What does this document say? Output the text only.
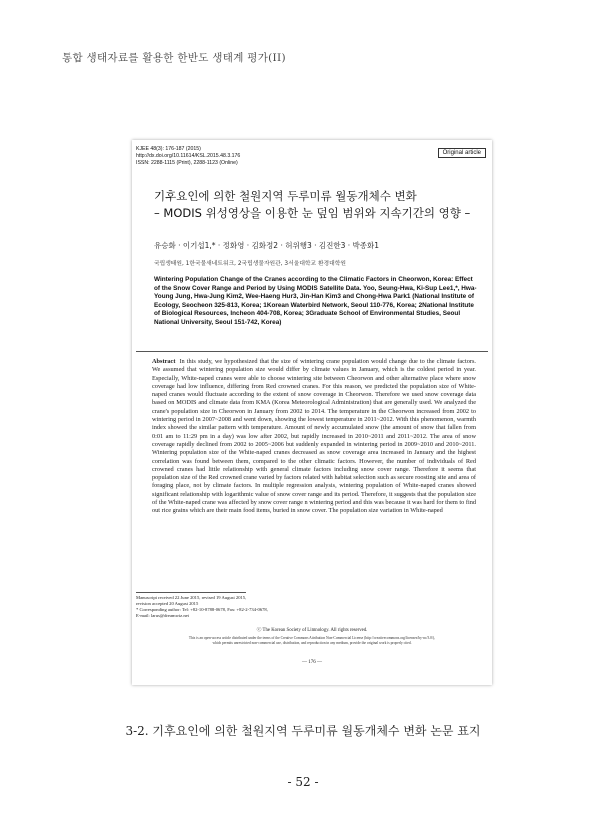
통합 생태자료를 활용한 한반도 생태계 평가(II)
KJEE 48(3): 176-187 (2015)
http://dx.doi.org/10.11614/KSL.2015.48.3.176
ISSN: 2288-1115 (Print), 2288-1123 (Online)
Original article
기후요인에 의한 철원지역 두루미류 월동개체수 변화
– MODIS 위성영상을 이용한 눈 덮임 범위와 지속기간의 영향 –
유승화 · 이기섭1,* · 정화영 · 김화정2 · 허위행3 · 김진한3 · 박종화1
국립생태원, 1한국물새네트워크, 2국립생물자원관, 3서울대학교 환경대학원
Wintering Population Change of the Cranes according to the Climatic Factors in Cheorwon, Korea: Effect of the Snow Cover Range and Period by Using MODIS Satellite Data. Yoo, Seung-Hwa, Ki-Sup Lee1,*, Hwa-Young Jung, Hwa-Jung Kim2, Wee-Haeng Hur3, Jin-Han Kim3 and Chong-Hwa Park1 (National Institute of Ecology, Seocheon 325-813, Korea; 1Korean Waterbird Network, Seoul 110-776, Korea; 2National Institute of Biological Resources, Incheon 404-708, Korea; 3Graduate School of Environmental Studies, Seoul National University, Seoul 151-742, Korea)

Abstract In this study, we hypothesized that the size of wintering crane population would change due to the climate factors. We assumed that wintering population size would differ by climate values in January, which is the coldest period in year. Especially, White-naped cranes were able to choose wintering site between Cheorwon and other alternative place where snow coverage had low influence, differing from Red crowned cranes. For this reason, we predicted the population size of White-naped cranes would fluctuate according to the extent of snow coverage in Cheorwon. Therefore we used snow coverage data based on MODIS and climate data from KMA (Korea Meteorological Administration) that are generally used. We analyzed the crane's population size in Cheorwon in January from 2002 to 2014. The temperature in the Cheorwon increased from 2002 to wintering period in 2007~2008 and went down, showing the lowest temperature in 2011~2012. With this phenomenon, warmth index showed the similar pattern with temperature. Amount of newly accumulated snow (the amount of snow that fallen from 0:01 am to 11:29 pm in a day) was low after 2002, but rapidly increased in 2010~2011 and 2011~2012. The area of snow coverage rapidly declined from 2002 to 2005~2006 but suddenly expanded in wintering period in 2009~2010 and 2010~2011. Wintering population size of the White-naped cranes decreased as snow coverage area increased in January and the highest correlation was found between them, compared to the other climatic factors. However, the number of individuals of Red crowned cranes had little relationship with general climate factors including snow cover range. Therefore it seems that population size of the Red crowned crane varied by factors related with habitat selection such as secure roosting site and area of foraging place, not by climate factors. In multiple regression analysis, wintering population of White-naped cranes showed significant relationship with logarithmic value of snow cover range and its period. Therefore, it suggests that the population size of the White-naped crane was affected by snow cover range n wintering period and this was because it was hard for them to find out rice grains which are their main food items, buried in snow cover. The population size variation in White-naped

Manuscript received 22 June 2015, revised 19 August 2015,
revision accepted 20 August 2015
* Corresponding author: Tel: +82-10-8788-0678, Fax: +82-2-734-0678,
E-mail: larus@dreamwiz.net
ⓒ The Korean Society of Limnology. All rights reserved.
This is an open-access article distributed under the terms of the Creative Commons Attribution Non-Commercial License (http://creativecommons.org/licenses/by-nc/3.0/),
which permits unrestricted non-commercial use, distribution, and reproduction in any medium, provide the original work is properly cited.
— 176 —
3-2. 기후요인에 의한 철원지역 두루미류 월동개체수 변화 논문 표지
- 52 -
